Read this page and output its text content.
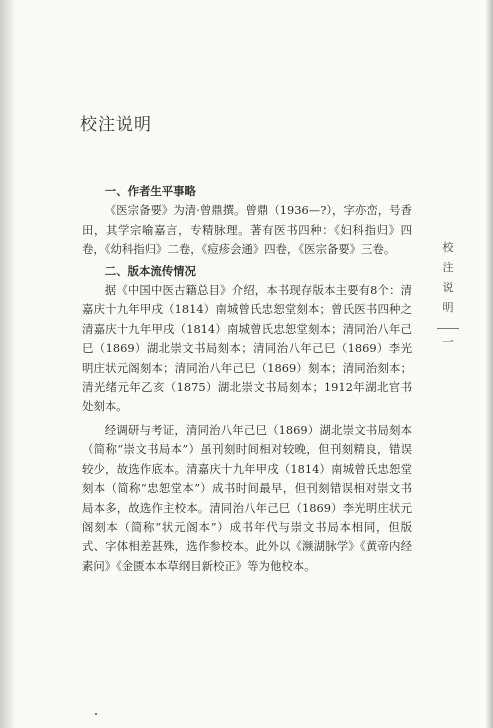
校注说明

一、作者生平事略

《医宗备要》为清·曾鼎撰。曾鼎（1936—?），字亦峦，号香田，其学宗喻嘉言，专精脉理。著有医书四种：《妇科指归》四卷，《幼科指归》二卷，《痘疹会通》四卷，《医宗备要》三卷。

二、版本流传情况

据《中国中医古籍总目》介绍，本书现存版本主要有8个：清嘉庆十九年甲戌（1814）南城曾氏忠恕堂刻本；曾氏医书四种之清嘉庆十九年甲戌（1814）南城曾氏忠恕堂刻本；清同治八年己巳（1869）湖北崇文书局刻本；清同治八年己巳（1869）李光明庄状元阁刻本；清同治八年己巳（1869）刻本；清同治刻本；清光绪元年乙亥（1875）湖北崇文书局刻本；1912年湖北官书处刻本。

经调研与考证，清同治八年己巳（1869）湖北崇文书局刻本（简称“崇文书局本”）虽刊刻时间相对较晚，但刊刻精良，错误较少，故选作底本。清嘉庆十九年甲戌（1814）南城曾氏忠恕堂刻本（简称“忠恕堂本”）成书时间最早，但刊刻错误相对崇文书局本多，故选作主校本。清同治八年己巳（1869）李光明庄状元阁刻本（简称“状元阁本”）成书年代与崇文书局本相同，但版式、字体相差甚殊，选作参校本。此外以《濒湖脉学》《黄帝内经素问》《金匮本本草纲目新校正》等为他校本。

校
注
说
明
一
